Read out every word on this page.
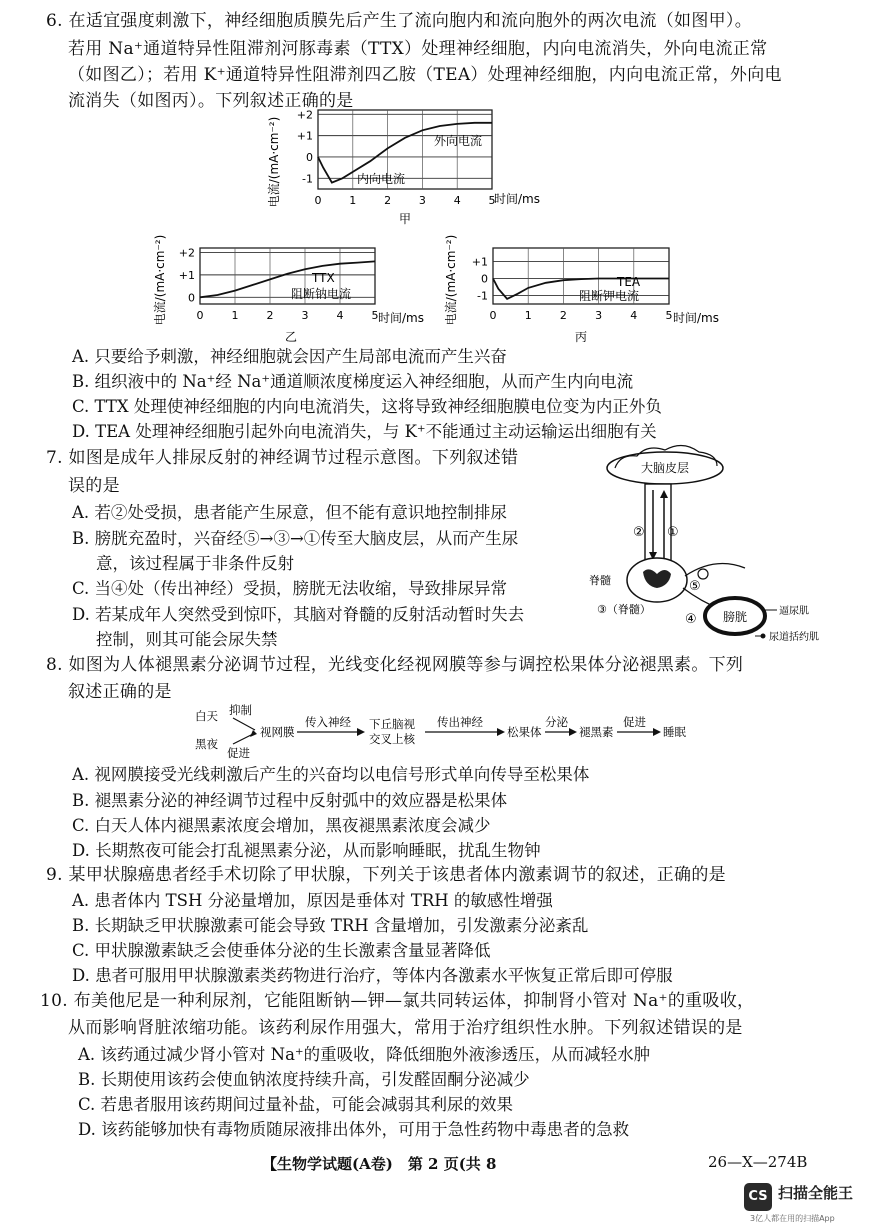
6. 在适宜强度刺激下，神经细胞质膜先后产生了流向胞内和流向胞外的两次电流（如图甲）。
若用 Na⁺通道特异性阻滞剂河豚毒素（TTX）处理神经细胞，内向电流消失，外向电流正常
（如图乙）；若用 K⁺通道特异性阻滞剂四乙胺（TEA）处理神经细胞，内向电流正常，外向电
流消失（如图丙）。下列叙述正确的是
电流/(mA·cm⁻²)
+2
+1
0
-1
0	1	2	3	4	5
外向电流
内向电流
时间/ms
甲
电流/(mA·cm⁻²) +2
+1
0
0	1	2	3	4	5
TTX
阻断钠电流
时间/ms
乙
电流/(mA·cm⁻²) +1
0
-1
0	1	2	3	4	5
TEA
阻断钾电流
时间/ms
丙
A. 只要给予刺激，神经细胞就会因产生局部电流而产生兴奋
B. 组织液中的 Na⁺经 Na⁺通道顺浓度梯度运入神经细胞，从而产生内向电流
C. TTX 处理使神经细胞的内向电流消失，这将导致神经细胞膜电位变为内正外负
D. TEA 处理神经细胞引起外向电流消失，与 K⁺不能通过主动运输运出细胞有关
7. 如图是成年人排尿反射的神经调节过程示意图。下列叙述错
误的是
A. 若②处受损，患者能产生尿意，但不能有意识地控制排尿
B. 膀胱充盈时，兴奋经⑤→③→①传至大脑皮层，从而产生尿
意，该过程属于非条件反射
C. 当④处（传出神经）受损，膀胱无法收缩，导致排尿异常
D. 若某成年人突然受到惊吓，其脑对脊髓的反射活动暂时失去
控制，则其可能会尿失禁
大脑皮层
② ①
脊髓	⑤
④
③（脊髓）
膀胱	逼尿肌
尿道括约肌
8. 如图为人体褪黑素分泌调节过程，光线变化经视网膜等参与调控松果体分泌褪黑素。下列
叙述正确的是
白天
黑夜
抑制
促进
视网膜
传入神经 下丘脑视
交叉上核
传出神经
松果体
分泌
褪黑素
促进
睡眠
A. 视网膜接受光线刺激后产生的兴奋均以电信号形式单向传导至松果体
B. 褪黑素分泌的神经调节过程中反射弧中的效应器是松果体
C. 白天人体内褪黑素浓度会增加，黑夜褪黑素浓度会减少
D. 长期熬夜可能会打乱褪黑素分泌，从而影响睡眠，扰乱生物钟
9. 某甲状腺癌患者经手术切除了甲状腺，下列关于该患者体内激素调节的叙述，正确的是
A. 患者体内 TSH 分泌量增加，原因是垂体对 TRH 的敏感性增强
B. 长期缺乏甲状腺激素可能会导致 TRH 含量增加，引发激素分泌紊乱
C. 甲状腺激素缺乏会使垂体分泌的生长激素含量显著降低
D. 患者可服用甲状腺激素类药物进行治疗，等体内各激素水平恢复正常后即可停服
10. 布美他尼是一种利尿剂，它能阻断钠—钾—氯共同转运体，抑制肾小管对 Na⁺的重吸收，
从而影响肾脏浓缩功能。该药利尿作用强大，常用于治疗组织性水肿。下列叙述错误的是
A. 该药通过减少肾小管对 Na⁺的重吸收，降低细胞外液渗透压，从而减轻水肿
B. 长期使用该药会使血钠浓度持续升高，引发醛固酮分泌减少
C. 若患者服用该药期间过量补盐，可能会减弱其利尿的效果
D. 该药能够加快有毒物质随尿液排出体外，可用于急性药物中毒患者的急救
【生物学试题(A卷)　第 2 页(共 8	26—X—274B
CS 扫描全能王
3亿人都在用的扫描App
